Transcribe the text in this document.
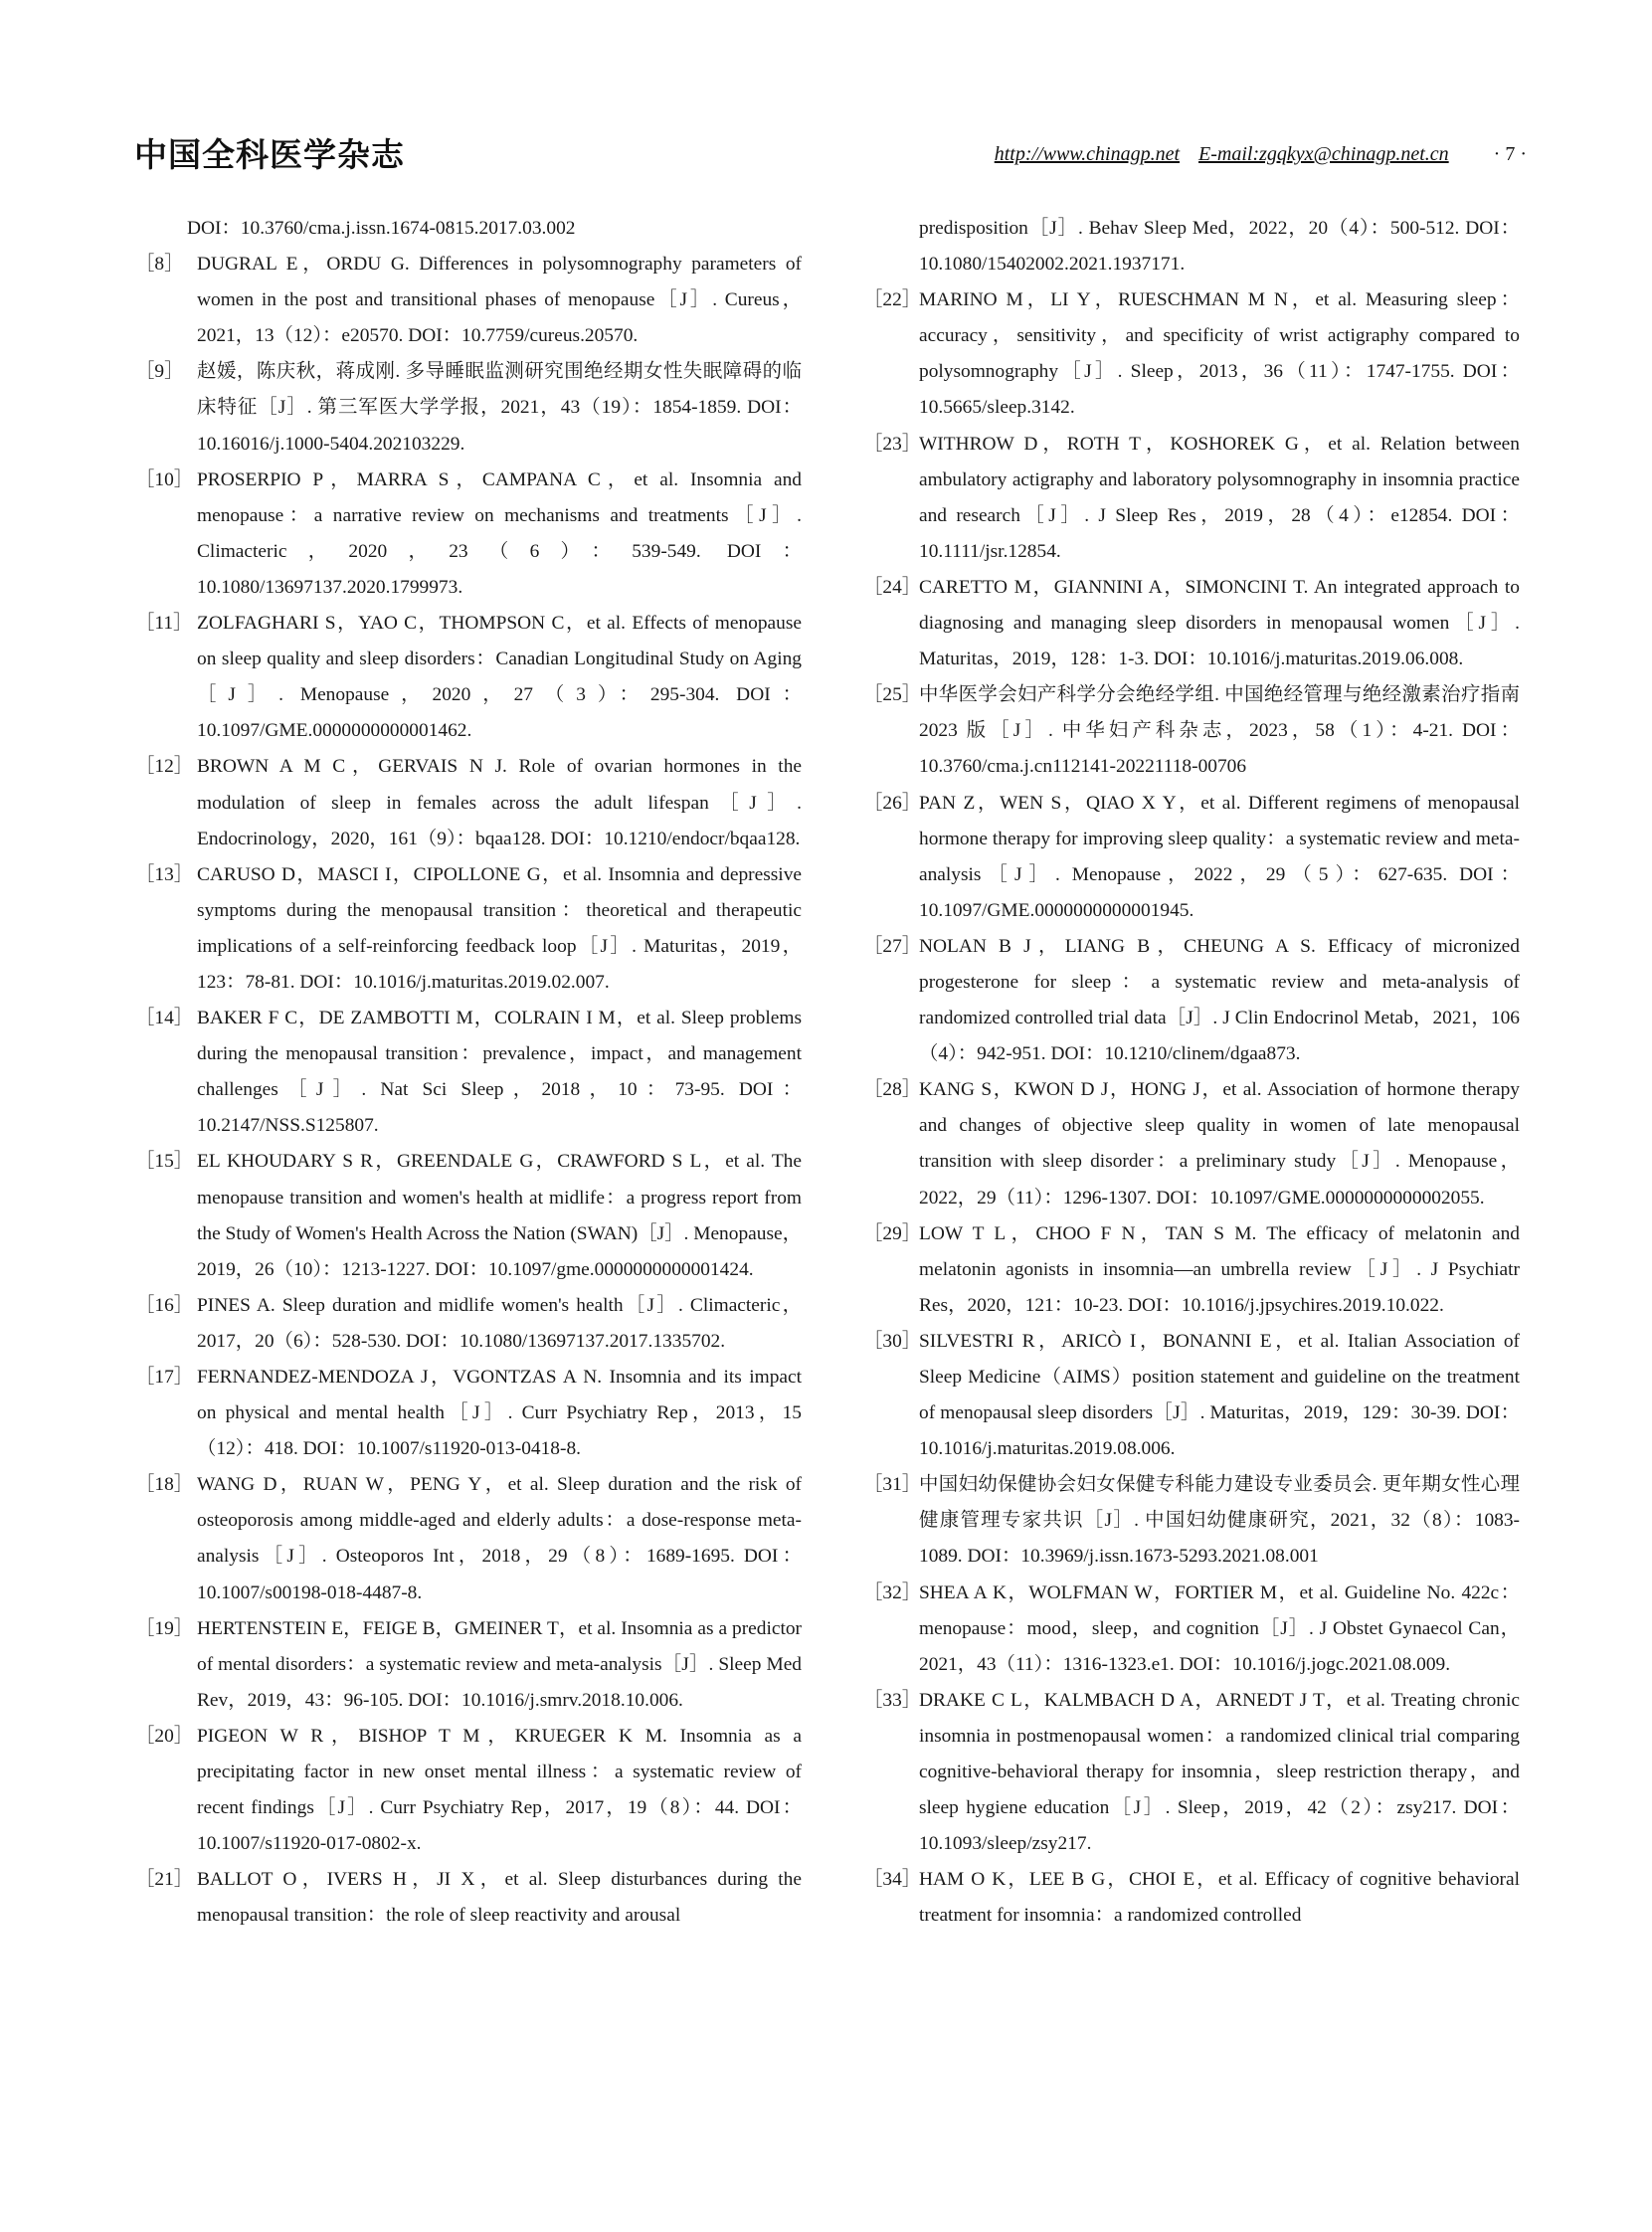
中国全科医学杂志	http://www.chinagp.net E-mail:zgqkyx@chinagp.net.cn · 7 ·
DOI：10.3760/cma.j.issn.1674-0815.2017.03.002
［8］ DUGRAL E，ORDU G. Differences in polysomnography parameters of women in the post and transitional phases of menopause［J］. Cureus，2021，13（12）：e20570. DOI：10.7759/cureus.20570.
［9］ 赵媛，陈庆秋，蒋成刚. 多导睡眠监测研究围绝经期女性失眠障碍的临床特征［J］. 第三军医大学学报，2021，43（19）：1854-1859. DOI：10.16016/j.1000-5404.202103229.
［10］ PROSERPIO P，MARRA S，CAMPANA C，et al. Insomnia and menopause：a narrative review on mechanisms and treatments［J］. Climacteric，2020，23（6）：539-549. DOI：10.1080/13697137.2020.1799973.
［11］ ZOLFAGHARI S，YAO C，THOMPSON C，et al. Effects of menopause on sleep quality and sleep disorders：Canadian Longitudinal Study on Aging［J］. Menopause，2020，27（3）：295-304. DOI：10.1097/GME.0000000000001462.
［12］ BROWN A M C，GERVAIS N J. Role of ovarian hormones in the modulation of sleep in females across the adult lifespan［J］. Endocrinology，2020，161（9）：bqaa128. DOI：10.1210/endocr/bqaa128.
［13］ CARUSO D，MASCI I，CIPOLLONE G，et al. Insomnia and depressive symptoms during the menopausal transition：theoretical and therapeutic implications of a self-reinforcing feedback loop［J］. Maturitas，2019，123：78-81. DOI：10.1016/j.maturitas.2019.02.007.
［14］ BAKER F C，DE ZAMBOTTI M，COLRAIN I M，et al. Sleep problems during the menopausal transition：prevalence，impact，and management challenges［J］. Nat Sci Sleep，2018，10：73-95. DOI：10.2147/NSS.S125807.
［15］ EL KHOUDARY S R，GREENDALE G，CRAWFORD S L，et al. The menopause transition and women's health at midlife：a progress report from the Study of Women's Health Across the Nation (SWAN)［J］. Menopause，2019，26（10）：1213-1227. DOI：10.1097/gme.0000000000001424.
［16］ PINES A. Sleep duration and midlife women's health［J］. Climacteric，2017，20（6）：528-530. DOI：10.1080/13697137.2017.1335702.
［17］ FERNANDEZ-MENDOZA J，VGONTZAS A N. Insomnia and its impact on physical and mental health［J］. Curr Psychiatry Rep，2013，15（12）：418. DOI：10.1007/s11920-013-0418-8.
［18］ WANG D，RUAN W，PENG Y，et al. Sleep duration and the risk of osteoporosis among middle-aged and elderly adults：a dose-response meta-analysis［J］. Osteoporos Int，2018，29（8）：1689-1695. DOI：10.1007/s00198-018-4487-8.
［19］ HERTENSTEIN E，FEIGE B，GMEINER T，et al. Insomnia as a predictor of mental disorders：a systematic review and meta-analysis［J］. Sleep Med Rev，2019，43：96-105. DOI：10.1016/j.smrv.2018.10.006.
［20］ PIGEON W R，BISHOP T M，KRUEGER K M. Insomnia as a precipitating factor in new onset mental illness：a systematic review of recent findings［J］. Curr Psychiatry Rep，2017，19（8）：44. DOI：10.1007/s11920-017-0802-x.
［21］ BALLOT O，IVERS H，JI X，et al. Sleep disturbances during the menopausal transition：the role of sleep reactivity and arousal
predisposition［J］. Behav Sleep Med，2022，20（4）：500-512. DOI：10.1080/15402002.2021.1937171.
［22］
MARINO M，LI Y，RUESCHMAN M N，et al. Measuring sleep：accuracy，sensitivity，and specificity of wrist actigraphy compared to polysomnography［J］. Sleep，2013，36（11）：1747-1755. DOI：10.5665/sleep.3142.
［23］
WITHROW D，ROTH T，KOSHOREK G，et al. Relation between ambulatory actigraphy and laboratory polysomnography in insomnia practice and research［J］. J Sleep Res，2019，28（4）：e12854. DOI：10.1111/jsr.12854.
［24］
CARETTO M，GIANNINI A，SIMONCINI T. An integrated approach to diagnosing and managing sleep disorders in menopausal women［J］. Maturitas，2019，128：1-3. DOI：10.1016/j.maturitas.2019.06.008.
［25］
中华医学会妇产科学分会绝经学组. 中国绝经管理与绝经激素治疗指南 2023 版［J］. 中华妇产科杂志，2023，58（1）：4-21. DOI：10.3760/cma.j.cn112141-20221118-00706
［26］
PAN Z，WEN S，QIAO X Y，et al. Different regimens of menopausal hormone therapy for improving sleep quality：a systematic review and meta-analysis［J］. Menopause，2022，29（5）：627-635. DOI：10.1097/GME.0000000000001945.
［27］
NOLAN B J，LIANG B，CHEUNG A S. Efficacy of micronized progesterone for sleep：a systematic review and meta-analysis of randomized controlled trial data［J］. J Clin Endocrinol Metab，2021，106（4）：942-951. DOI：10.1210/clinem/dgaa873.
［28］
KANG S，KWON D J，HONG J，et al. Association of hormone therapy and changes of objective sleep quality in women of late menopausal transition with sleep disorder：a preliminary study［J］. Menopause，2022，29（11）：1296-1307. DOI：10.1097/GME.0000000000002055.
［29］
LOW T L，CHOO F N，TAN S M. The efficacy of melatonin and melatonin agonists in insomnia—an umbrella review［J］. J Psychiatr Res，2020，121：10-23. DOI：10.1016/j.jpsychires.2019.10.022.
［30］
SILVESTRI R，ARICÒ I，BONANNI E，et al. Italian Association of Sleep Medicine（AIMS）position statement and guideline on the treatment of menopausal sleep disorders［J］. Maturitas，2019，129：30-39. DOI：10.1016/j.maturitas.2019.08.006.
［31］
中国妇幼保健协会妇女保健专科能力建设专业委员会. 更年期女性心理健康管理专家共识［J］. 中国妇幼健康研究，2021，32（8）：1083-1089. DOI：10.3969/j.issn.1673-5293.2021.08.001
［32］
SHEA A K，WOLFMAN W，FORTIER M，et al. Guideline No. 422c：menopause：mood，sleep，and cognition［J］. J Obstet Gynaecol Can，2021，43（11）：1316-1323.e1. DOI：10.1016/j.jogc.2021.08.009.
［33］
DRAKE C L，KALMBACH D A，ARNEDT J T，et al. Treating chronic insomnia in postmenopausal women：a randomized clinical trial comparing cognitive-behavioral therapy for insomnia，sleep restriction therapy，and sleep hygiene education［J］. Sleep，2019，42（2）：zsy217. DOI：10.1093/sleep/zsy217.
［34］
HAM O K，LEE B G，CHOI E，et al. Efficacy of cognitive behavioral treatment for insomnia：a randomized controlled
